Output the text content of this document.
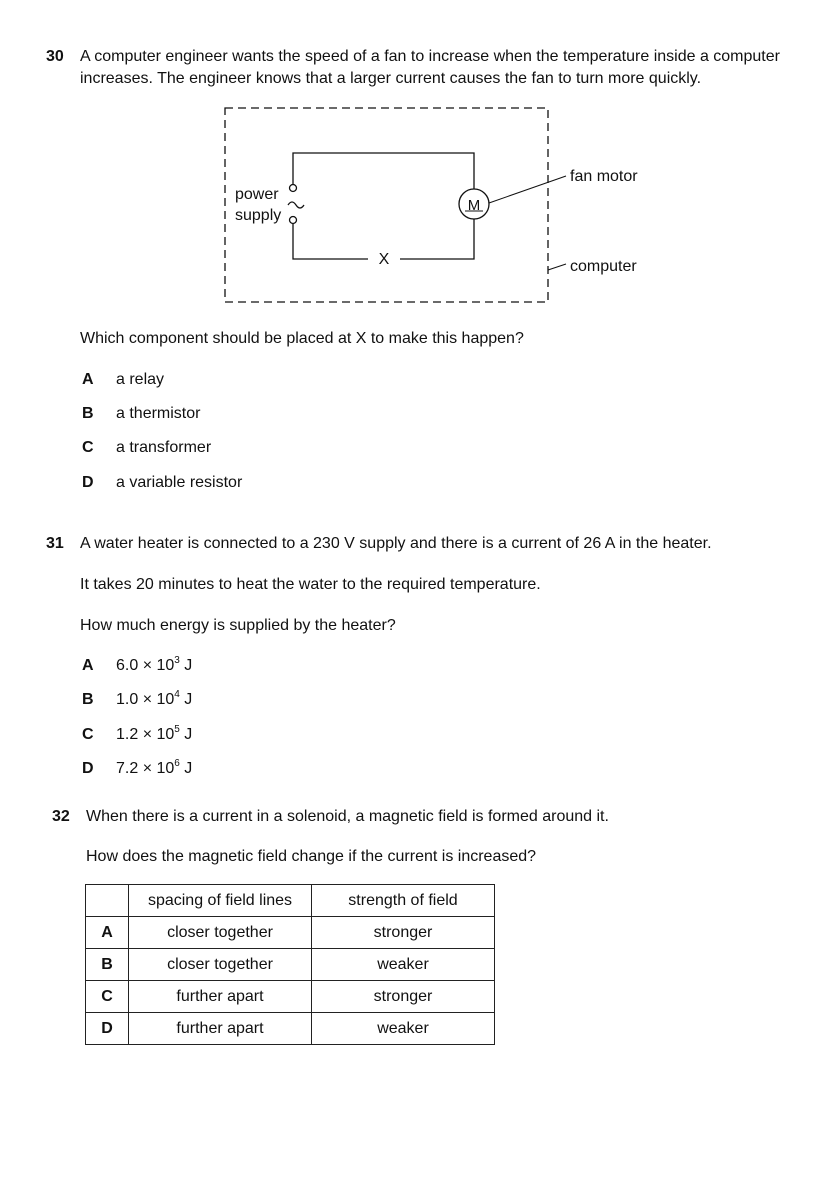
30 A computer engineer wants the speed of a fan to increase when the temperature inside a computer
increases. The engineer knows that a larger current causes the fan to turn more quickly.
M
power
supply
X
fan motor
computer
Which component should be placed at X to make this happen?
A a relay
B a thermistor
C a transformer
D a variable resistor
31 A water heater is connected to a 230 V supply and there is a current of 26 A in the heater.
It takes 20 minutes to heat the water to the required temperature.
How much energy is supplied by the heater?
A $6.0 \times 10^3$ J
B $1.0 \times 10^4$ J
C $1.2 \times 10^5$ J
D $7.2 \times 10^6$ J
32 When there is a current in a solenoid, a magnetic field is formed around it.
How does the magnetic field change if the current is increased?
	spacing of field lines	strength of field
A	closer together	stronger
B	closer together	weaker
C	further apart	stronger
D	further apart	weaker
